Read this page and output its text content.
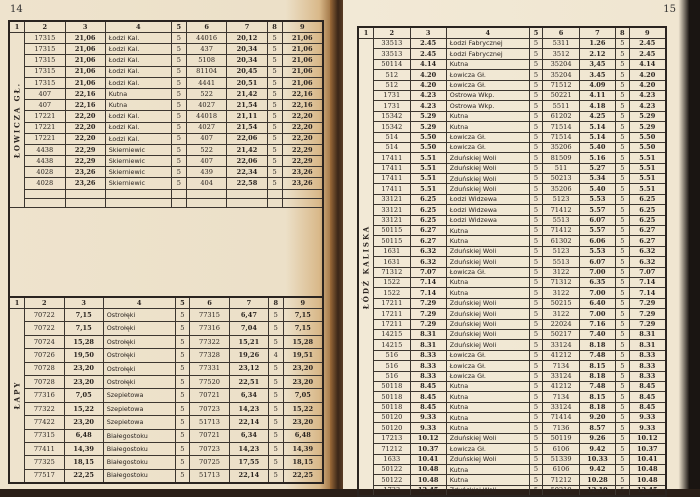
14
1	2	3	4	5	6	7	8	9

ŁOWICZA GŁ.	17315	21,06	Łodzi Kal.	5	44016	20,12	5	21,06
	17315	21,06	Łodzi Kal.	5	437	20,34	5	21,06
	17315	21,06	Łodzi Kal.	5	5108	20,34	5	21,06
	17315	21,06	Łodzi Kal.	5	81104	20,45	5	21,06
	17315	21,06	Łodzi Kal.	5	4441	20,51	5	21,06
	407	22,16	Kutna	5	522	21,42	5	22,16
	407	22,16	Kutna	5	4027	21,54	5	22,16
	17221	22,20	Łodzi Kal.	5	44018	21,11	5	22,20
	17221	22,20	Łodzi Kal.	5	4027	21,54	5	22,20
	17221	22,20	Łodzi Kal.	5	407	22,06	5	22,20
	4438	22,29	Skierniewic	5	522	21,42	5	22,29
	4438	22,29	Skierniewic	5	407	22,06	5	22,29
	4028	23,26	Skierniewic	5	439	22,34	5	23,26
	4028	23,26	Skierniewic	5	404	22,58	5	23,26

1	2	3	4	5	6	7	8	9

ŁAPY	70722	7,15	Ostrołęki	5	77315	6,47	5	7,15
	70722	7,15	Ostrołęki	5	77316	7,04	5	7,15
	70724	15,28	Ostrołęki	5	77322	15,21	5	15,28
	70726	19,50	Ostrołęki	5	77328	19,26	4	19,51
	70728	23,20	Ostrołęki	5	77331	23,12	5	23,20
	70728	23,20	Ostrołęki	5	77520	22,51	5	23,20
	77316	7,05	Szepietowa	5	70721	6,34	5	7,05
	77322	15,22	Szepietowa	5	70723	14,23	5	15,22
	77422	23,20	Szepietowa	5	51713	22,14	5	23,20
	77315	6,48	Białegostoku	5	70721	6,34	5	6,48
	77411	14,39	Białegostoku	5	70723	14,23	5	14,39
	77325	18,15	Białegostoku	5	70725	17,55	5	18,15
	77517	22,25	Białegostoku	5	51713	22,14	5	22,25
15
1	2	3	4	5	6	7	8	9

ŁÓDŹ KALISKA	33513	2.45	Łodzi Fabrycznej	5	5311	1.26	5	2.45
	33513	2.45	Łodzi Fabrycznej	5	3512	2.12	5	2.45
	50114	4.14	Kutna	5	35204	3,45	5	4.14
	512	4.20	Łowicza Gł.	5	35204	3.45	5	4.20
	512	4.20	Łowicza Gł.	5	71512	4.09	5	4.20
	1731	4.23	Ostrowa Wkp.	5	50221	4.11	5	4.23
	1731	4.23	Ostrowa Wkp.	5	5511	4.18	5	4.23
	15342	5.29	Kutna	5	61202	4.25	5	5.29
	15342	5.29	Kutna	5	71514	5.14	5	5.29
	514	5.50	Łowicza Gł.	5	71514	5.14	5	5.50
	514	5.50	Łowicza Gł.	5	35206	5.40	5	5.50
	17411	5.51	Zduńskiej Woli	5	81509	5.16	5	5.51
	17411	5.51	Zduńskiej Woli	5	511	5.27	5	5.51
	17411	5.51	Zduńskiej Woli	5	50213	5.34	5	5.51
	17411	5.51	Zduńskiej Woli	5	35206	5.40	5	5.51
	33121	6.25	Łodzi Widzewa	5	5123	5.53	5	6.25
	33121	6.25	Łodzi Widzewa	5	71412	5.57	5	6.25
	33121	6.25	Łodzi Widzewa	5	5513	6.07	5	6.25
	50115	6.27	Kutna	5	71412	5.57	5	6.27
	50115	6.27	Kutna	5	61302	6.06	5	6.27
	1631	6.32	Zduńskiej Woli	5	5123	5.53	5	6.32
	1631	6.32	Zduńskiej Woli	5	5513	6.07	5	6.32
	71312	7.07	Łowicza Gł.	5	3122	7.00	5	7.07
	1522	7.14	Kutna	5	71312	6.35	5	7.14
	1522	7.14	Kutna	5	3122	7.00	5	7.14
	17211	7.29	Zduńskiej Woli	5	50215	6.40	5	7.29
	17211	7.29	Zduńskiej Woli	5	3122	7.00	5	7.29
	17211	7.29	Zduńskiej Woli	5	22024	7.16	5	7.29
	14215	8.31	Zduńskiej Woli	5	50217	7.40	5	8.31
	14215	8.31	Zduńskiej Woli	5	33124	8.18	5	8.31
	516	8.33	Łowicza Gł.	5	41212	7.48	5	8.33
	516	8.33	Łowicza Gł.	5	7134	8.15	5	8.33
	516	8.33	Łowicza Gł.	5	33124	8.18	5	8.33
	50118	8.45	Kutna	5	41212	7.48	5	8.45
	50118	8.45	Kutna	5	7134	8.15	5	8.45
	50118	8.45	Kutna	5	33124	8.18	5	8.45
	50120	9.33	Kutna	5	71414	9.20	5	9.33
	50120	9.33	Kutna	5	7136	8.57	5	9.33
	17213	10.12	Zduńskiej Woli	5	50119	9.26	5	10.12
	71212	10.37	Łowicza Gł.	5	6106	9.42	5	10.37
	1633	10.41	Zduńskiej Woli	5	51339	10.33	5	10.41
	50122	10.48	Kutna	5	6106	9.42	5	10.48
	50122	10.48	Kutna	5	71212	10.28	5	10.48
	1733	12.45	Zduńskiej Woli	5	50219	12.19	5	12.45
